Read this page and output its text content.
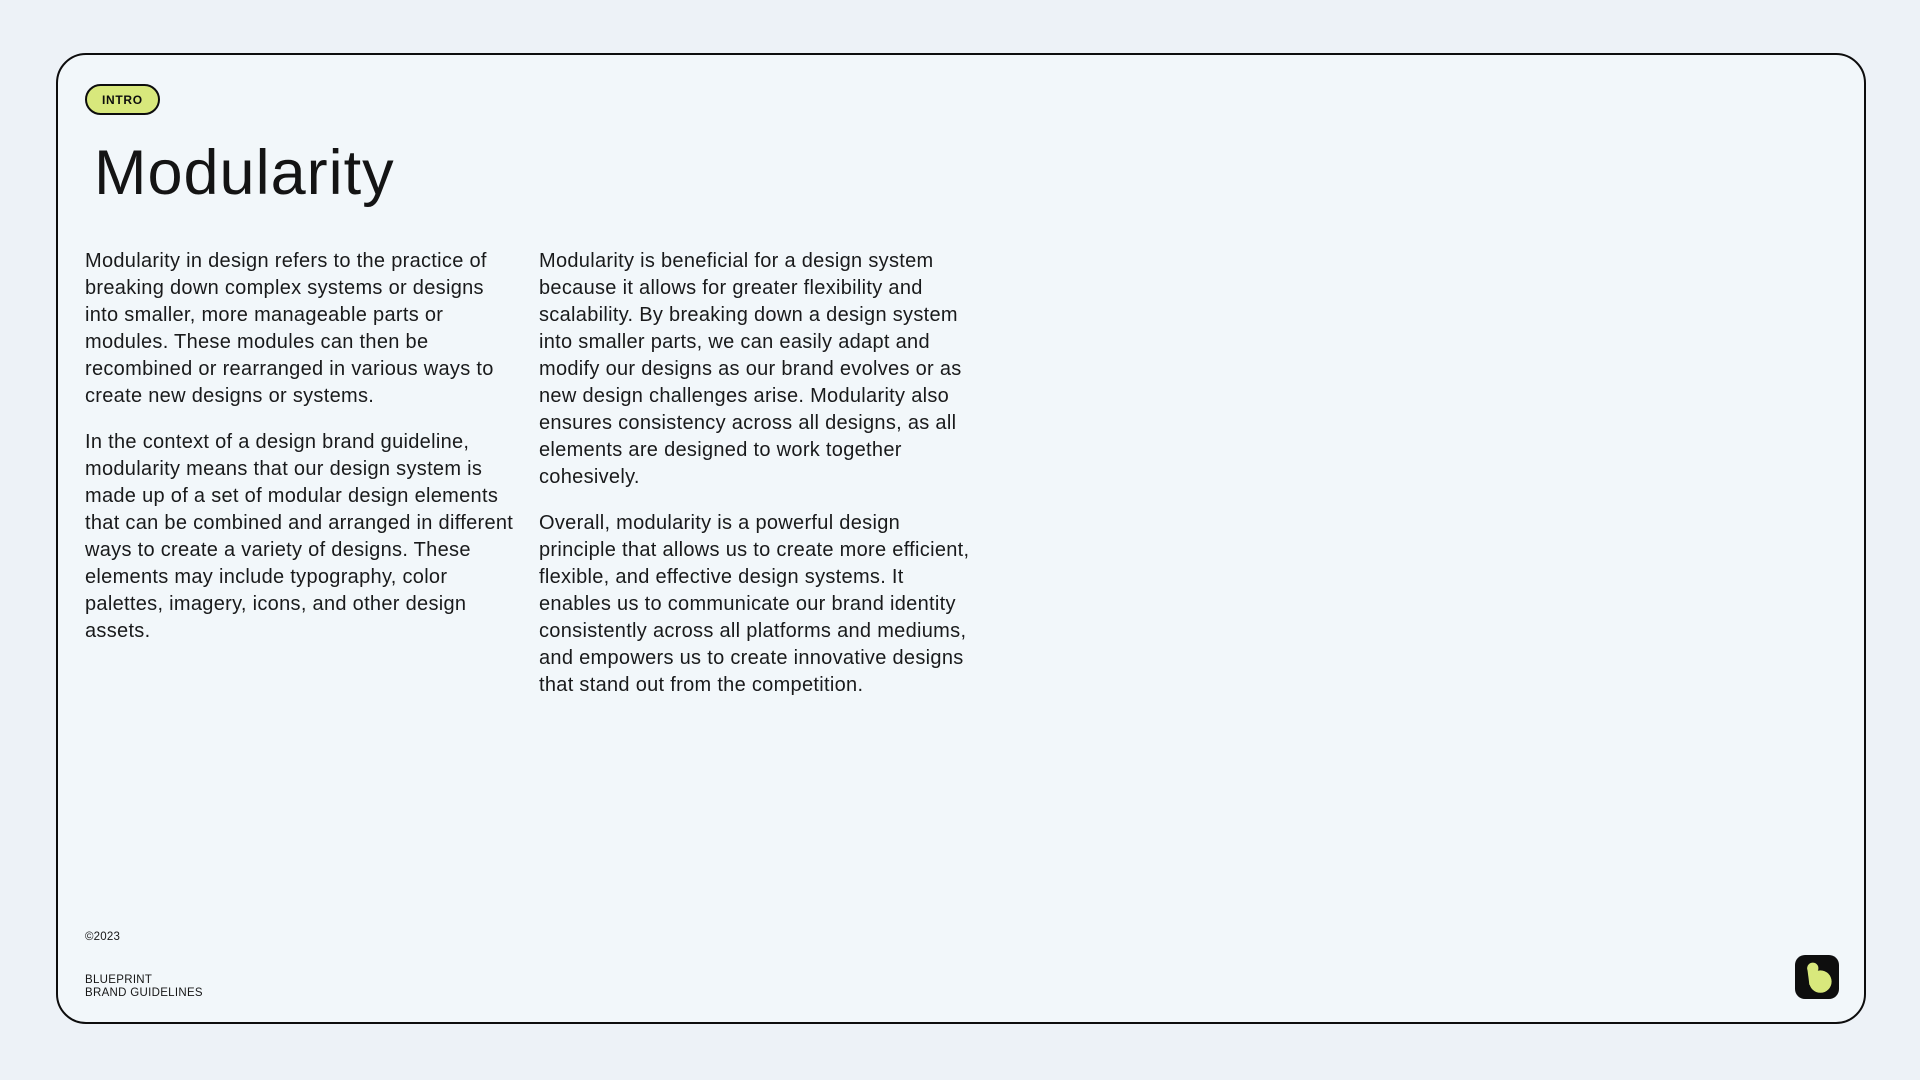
INTRO
Modularity

Modularity in design refers to the practice of breaking down complex systems or designs into smaller, more manageable parts or modules. These modules can then be recombined or rearranged in various ways to create new designs or systems.

In the context of a design brand guideline, modularity means that our design system is made up of a set of modular design elements that can be combined and arranged in different ways to create a variety of designs. These elements may include typography, color palettes, imagery, icons, and other design assets.

Modularity is beneficial for a design system because it allows for greater flexibility and scalability. By breaking down a design system into smaller parts, we can easily adapt and modify our designs as our brand evolves or as new design challenges arise. Modularity also ensures consistency across all designs, as all elements are designed to work together cohesively.

Overall, modularity is a powerful design principle that allows us to create more efficient, flexible, and effective design systems. It enables us to communicate our brand identity consistently across all platforms and mediums, and empowers us to create innovative designs that stand out from the competition.

©2023
BLUEPRINT
BRAND GUIDELINES
